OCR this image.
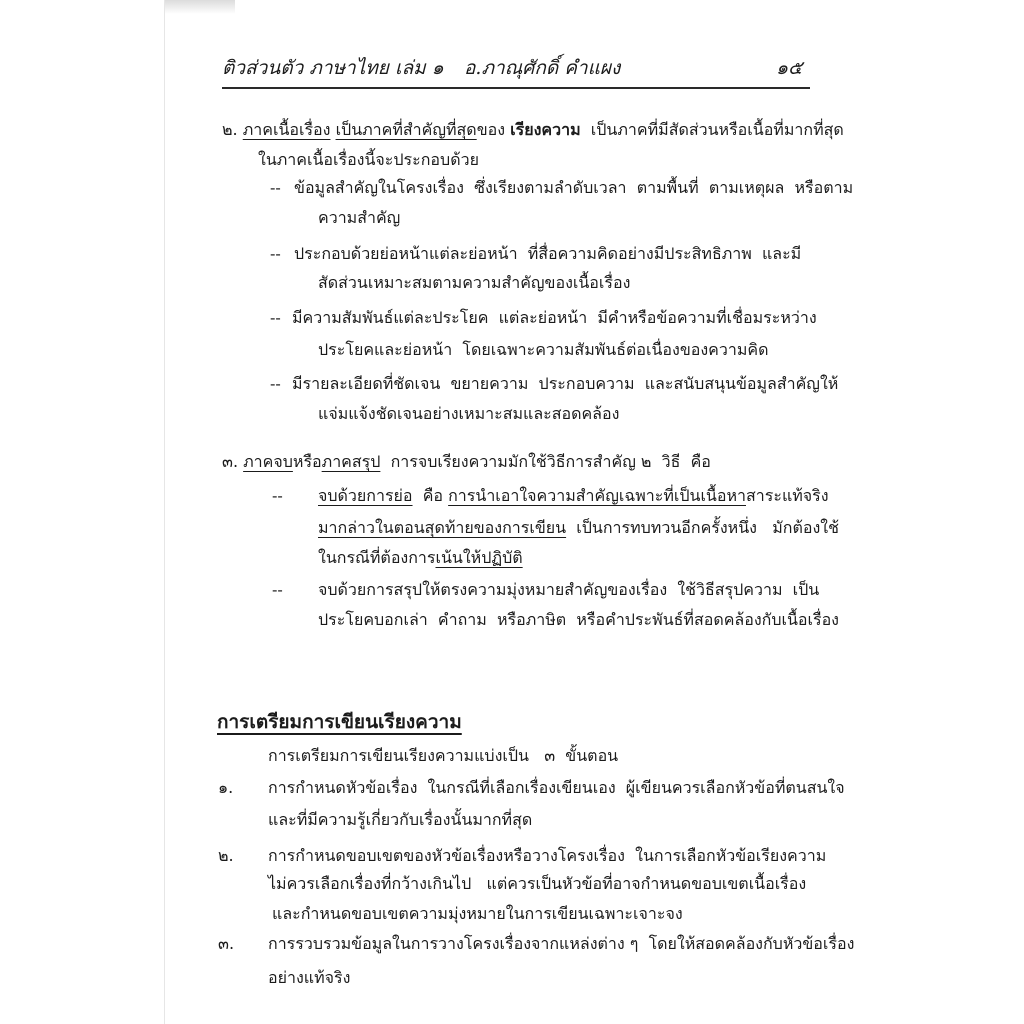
ติวส่วนตัว ภาษาไทย เล่ม ๑ อ.ภาณุศักดิ์ คำแผง	๑๕
๒. ภาคเนื้อเรื่อง เป็นภาคที่สำคัญที่สุดของ เรียงความ เป็นภาคที่มีสัดส่วนหรือเนื้อที่มากที่สุด
ในภาคเนื้อเรื่องนี้จะประกอบด้วย
-- ข้อมูลสำคัญในโครงเรื่อง  ซึ่งเรียงตามลำดับเวลา  ตามพื้นที่  ตามเหตุผล  หรือตาม
ความสำคัญ
-- ประกอบด้วยย่อหน้าแต่ละย่อหน้า  ที่สื่อความคิดอย่างมีประสิทธิภาพ  และมี
สัดส่วนเหมาะสมตามความสำคัญของเนื้อเรื่อง
-- มีความสัมพันธ์แต่ละประโยค  แต่ละย่อหน้า  มีคำหรือข้อความที่เชื่อมระหว่าง
ประโยคและย่อหน้า  โดยเฉพาะความสัมพันธ์ต่อเนื่องของความคิด
-- มีรายละเอียดที่ชัดเจน  ขยายความ  ประกอบความ  และสนับสนุนข้อมูลสำคัญให้
แจ่มแจ้งชัดเจนอย่างเหมาะสมและสอดคล้อง
๓. ภาคจบหรือภาคสรุป การจบเรียงความมักใช้วิธีการสำคัญ ๒  วิธี  คือ
-- จบด้วยการย่อ  คือ การนำเอาใจความสำคัญเฉพาะที่เป็นเนื้อหาสาระแท้จริง
มากล่าวในตอนสุดท้ายของการเขียน  เป็นการทบทวนอีกครั้งหนึ่ง   มักต้องใช้
ในกรณีที่ต้องการเน้นให้ปฏิบัติ
-- จบด้วยการสรุปให้ตรงความมุ่งหมายสำคัญของเรื่อง  ใช้วิธีสรุปความ  เป็น
ประโยคบอกเล่า  คำถาม  หรือภาษิต  หรือคำประพันธ์ที่สอดคล้องกับเนื้อเรื่อง
การเตรียมการเขียนเรียงความ
การเตรียมการเขียนเรียงความแบ่งเป็น   ๓  ขั้นตอน
๑. การกำหนดหัวข้อเรื่อง  ในกรณีที่เลือกเรื่องเขียนเอง  ผู้เขียนควรเลือกหัวข้อที่ตนสนใจ
และที่มีความรู้เกี่ยวกับเรื่องนั้นมากที่สุด
๒. การกำหนดขอบเขตของหัวข้อเรื่องหรือวางโครงเรื่อง  ในการเลือกหัวข้อเรียงความ
ไม่ควรเลือกเรื่องที่กว้างเกินไป   แต่ควรเป็นหัวข้อที่อาจกำหนดขอบเขตเนื้อเรื่อง
และกำหนดขอบเขตความมุ่งหมายในการเขียนเฉพาะเจาะจง
๓. การรวบรวมข้อมูลในการวางโครงเรื่องจากแหล่งต่าง ๆ  โดยให้สอดคล้องกับหัวข้อเรื่อง
อย่างแท้จริง
